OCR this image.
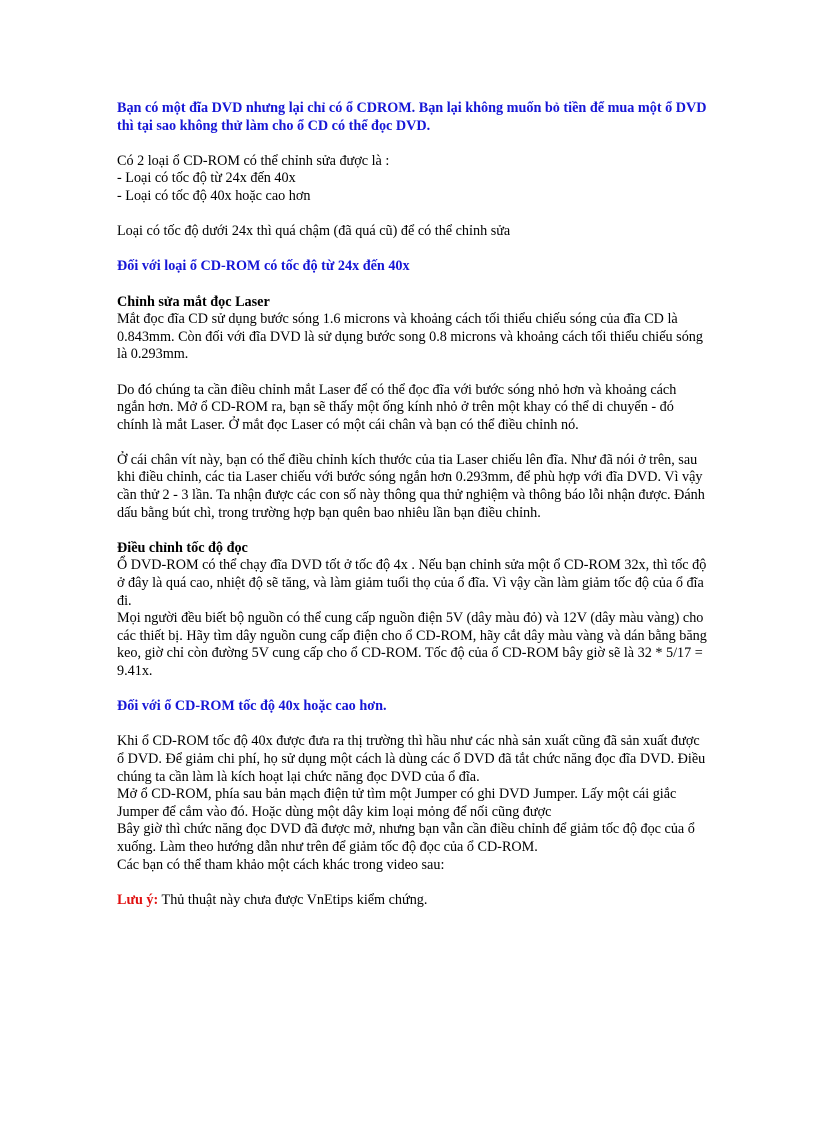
Bạn có một đĩa DVD nhưng lại chỉ có ổ CDROM. Bạn lại không muốn bỏ tiền để mua một ổ DVD thì tại sao không thử làm cho ổ CD có thể đọc DVD.

Có 2 loại ổ CD-ROM có thể chỉnh sửa được là :

- Loại có tốc độ từ 24x đến 40x

- Loại có tốc độ 40x hoặc cao hơn

Loại có tốc độ dưới 24x thì quá chậm (đã quá cũ) để có thể chỉnh sửa

Đối với loại ổ CD-ROM có tốc độ từ 24x đến 40x

Chỉnh sửa mắt đọc Laser

Mắt đọc đĩa CD sử dụng bước sóng 1.6 microns và khoảng cách tối thiểu chiếu sóng của đĩa CD là 0.843mm. Còn đối với đĩa DVD là sử dụng bước song 0.8 microns và khoảng cách tối thiểu chiếu sóng là 0.293mm.

Do đó chúng ta cần điều chỉnh mắt Laser để có thể đọc đĩa với bước sóng nhỏ hơn và khoảng cách ngắn hơn. Mở ổ CD-ROM ra, bạn sẽ thấy một ống kính nhỏ ở trên một khay có thể di chuyển - đó chính là mắt Laser. Ở mắt đọc Laser có một cái chân và bạn có thể điều chỉnh nó.

Ở cái chân vít này, bạn có thể điều chỉnh kích thước của tia Laser chiếu lên đĩa. Như đã nói ở trên, sau khi điều chỉnh, các tia Laser chiếu với bước sóng ngắn hơn 0.293mm, để phù hợp với đĩa DVD. Vì vậy cần thử 2 - 3 lần. Ta nhận được các con số này thông qua thử nghiệm và thông báo lỗi nhận được. Đánh dấu bằng bút chì, trong trường hợp bạn quên bao nhiêu lần bạn điều chỉnh.

Điều chỉnh tốc độ đọc

Ổ DVD-ROM có thể chạy đĩa DVD tốt ở tốc độ 4x . Nếu bạn chỉnh sửa một ổ CD-ROM 32x, thì tốc độ ở đây là quá cao, nhiệt độ sẽ tăng, và làm giảm tuổi thọ của ổ đĩa. Vì vậy cần làm giảm tốc độ của ổ đĩa đi.

Mọi người đều biết bộ nguồn có thể cung cấp nguồn điện 5V (dây màu đỏ) và 12V (dây màu vàng) cho các thiết bị. Hãy tìm dây nguồn cung cấp điện cho ổ CD-ROM, hãy cắt dây màu vàng và dán bằng băng keo, giờ chỉ còn đường 5V cung cấp cho ổ CD-ROM. Tốc độ của ổ CD-ROM bây giờ sẽ là 32 * 5/17 = 9.41x.

Đối với ổ CD-ROM tốc độ 40x hoặc cao hơn.

Khi ổ CD-ROM tốc độ 40x được đưa ra thị trường thì hầu như các nhà sản xuất cũng đã sản xuất được ổ DVD. Để giảm chi phí, họ sử dụng một cách là dùng các ổ DVD đã tắt chức năng đọc đĩa DVD. Điều chúng ta cần làm là kích hoạt lại chức năng đọc DVD của ổ đĩa.

Mở ổ CD-ROM, phía sau bản mạch điện tử tìm một Jumper có ghi DVD Jumper. Lấy một cái giắc Jumper để cắm vào đó. Hoặc dùng một dây kim loại mỏng để nối cũng được

Bây giờ thì chức năng đọc DVD đã được mở, nhưng bạn vẫn cần điều chỉnh để giảm tốc độ đọc của ổ xuống. Làm theo hướng dẫn như trên để giảm tốc độ đọc của ổ CD-ROM.

Các bạn có thể tham khảo một cách khác trong video sau:

Lưu ý: Thủ thuật này chưa được VnEtips kiểm chứng.
